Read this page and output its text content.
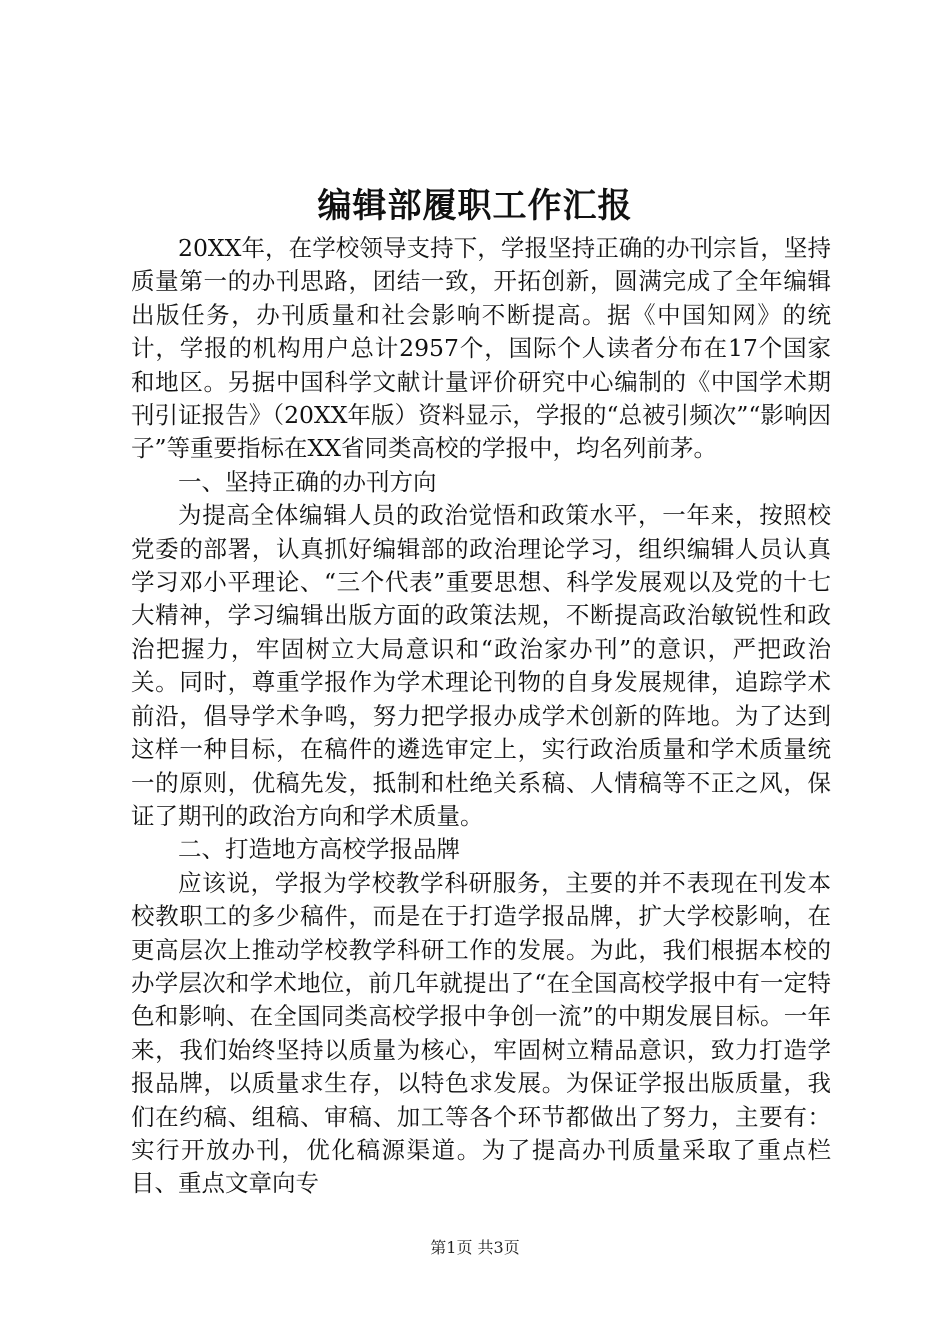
编辑部履职工作汇报

20XX年，在学校领导支持下，学报坚持正确的办刊宗旨，坚持质量第一的办刊思路，团结一致，开拓创新，圆满完成了全年编辑出版任务，办刊质量和社会影响不断提高。据《中国知网》的统计，学报的机构用户总计2957个，国际个人读者分布在17个国家和地区。另据中国科学文献计量评价研究中心编制的《中国学术期刊引证报告》（20XX年版）资料显示，学报的“总被引频次”“影响因子”等重要指标在XX省同类高校的学报中，均名列前茅。

一、坚持正确的办刊方向

为提高全体编辑人员的政治觉悟和政策水平，一年来，按照校党委的部署，认真抓好编辑部的政治理论学习，组织编辑人员认真学习邓小平理论、“三个代表”重要思想、科学发展观以及党的十七大精神，学习编辑出版方面的政策法规，不断提高政治敏锐性和政治把握力，牢固树立大局意识和“政治家办刊”的意识，严把政治关。同时，尊重学报作为学术理论刊物的自身发展规律，追踪学术前沿，倡导学术争鸣，努力把学报办成学术创新的阵地。为了达到这样一种目标，在稿件的遴选审定上，实行政治质量和学术质量统一的原则，优稿先发，抵制和杜绝关系稿、人情稿等不正之风，保证了期刊的政治方向和学术质量。

二、打造地方高校学报品牌

应该说，学报为学校教学科研服务，主要的并不表现在刊发本校教职工的多少稿件，而是在于打造学报品牌，扩大学校影响，在更高层次上推动学校教学科研工作的发展。为此，我们根据本校的办学层次和学术地位，前几年就提出了“在全国高校学报中有一定特色和影响、在全国同类高校学报中争创一流”的中期发展目标。一年来，我们始终坚持以质量为核心，牢固树立精品意识，致力打造学报品牌，以质量求生存，以特色求发展。为保证学报出版质量，我们在约稿、组稿、审稿、加工等各个环节都做出了努力，主要有：实行开放办刊，优化稿源渠道。为了提高办刊质量采取了重点栏目、重点文章向专

第1页 共3页
